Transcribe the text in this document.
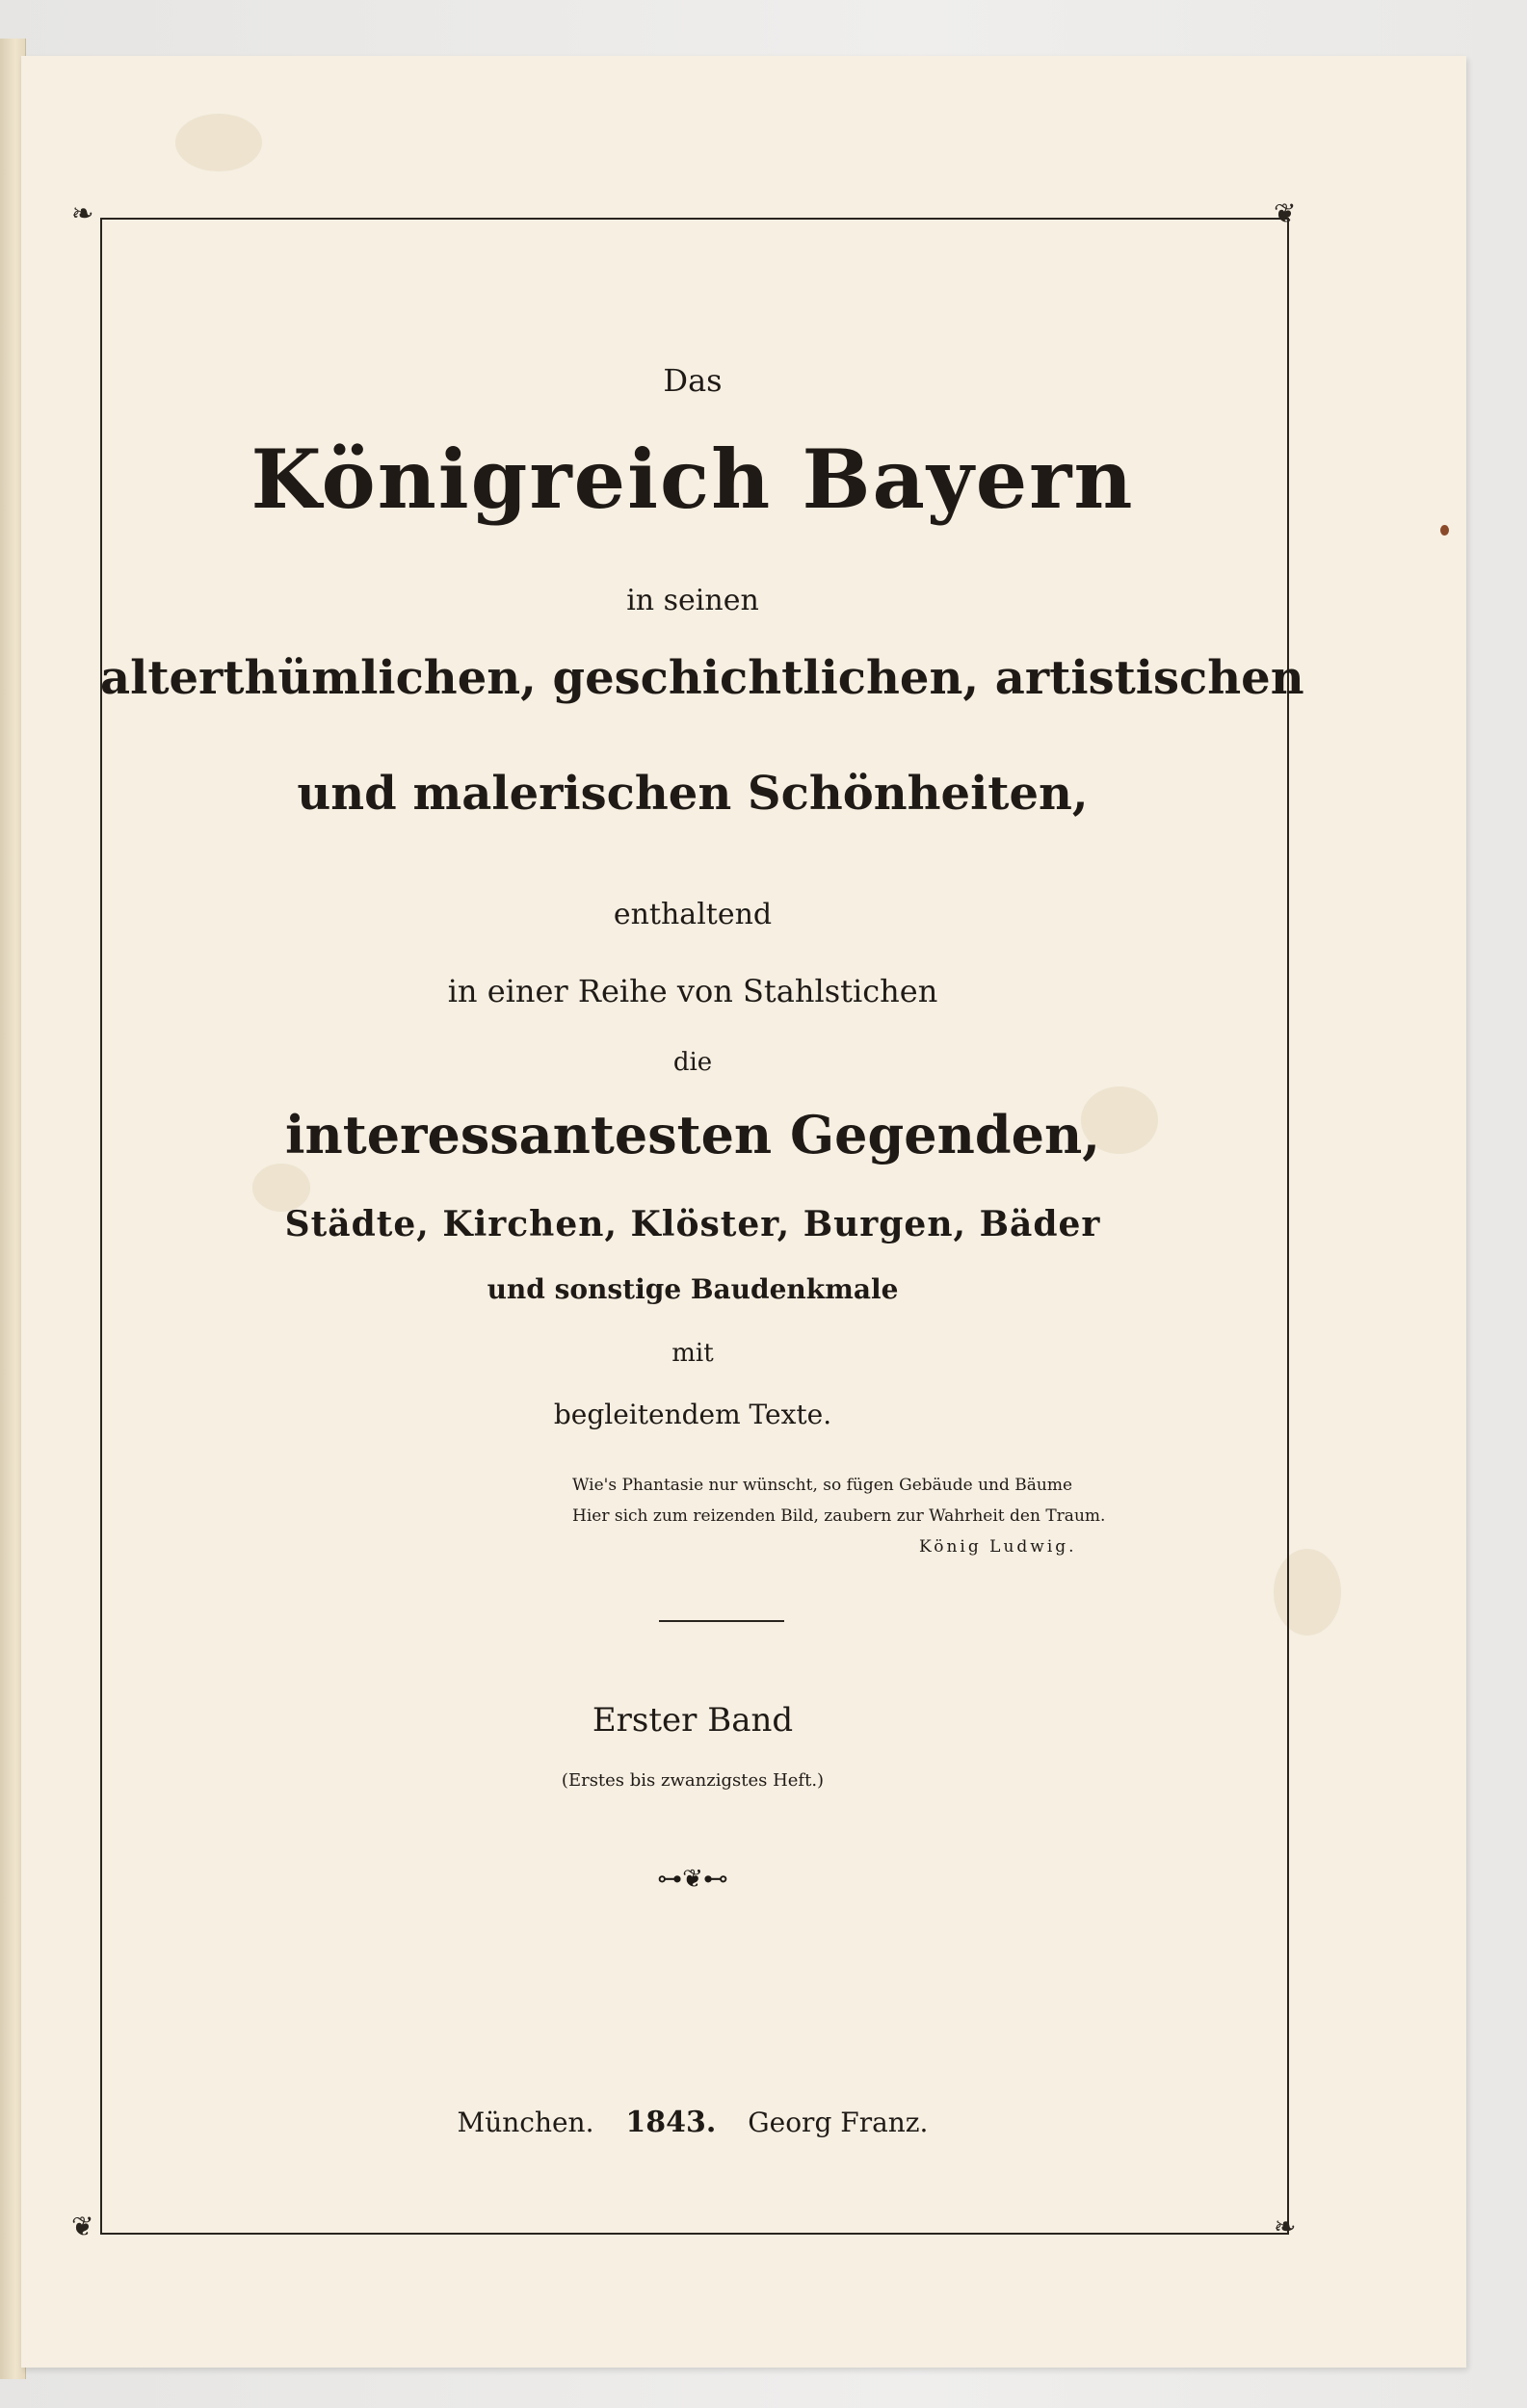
❧	❦
❦	❧
Das
Königreich Bayern
in seinen
alterthümlichen, geschichtlichen, artistischen
und malerischen Schönheiten,
enthaltend
in einer Reihe von Stahlstichen
die
interessantesten Gegenden,
Städte, Kirchen, Klöster, Burgen, Bäder
und sonstige Baudenkmale
mit
begleitendem Texte.
Wie's Phantasie nur wünscht, so fügen Gebäude und Bäume
Hier sich zum reizenden Bild, zaubern zur Wahrheit den Traum.
König Ludwig.
Erster Band
(Erstes bis zwanzigstes Heft.)
⊶❦⊷
München. 1843. Georg Franz.
